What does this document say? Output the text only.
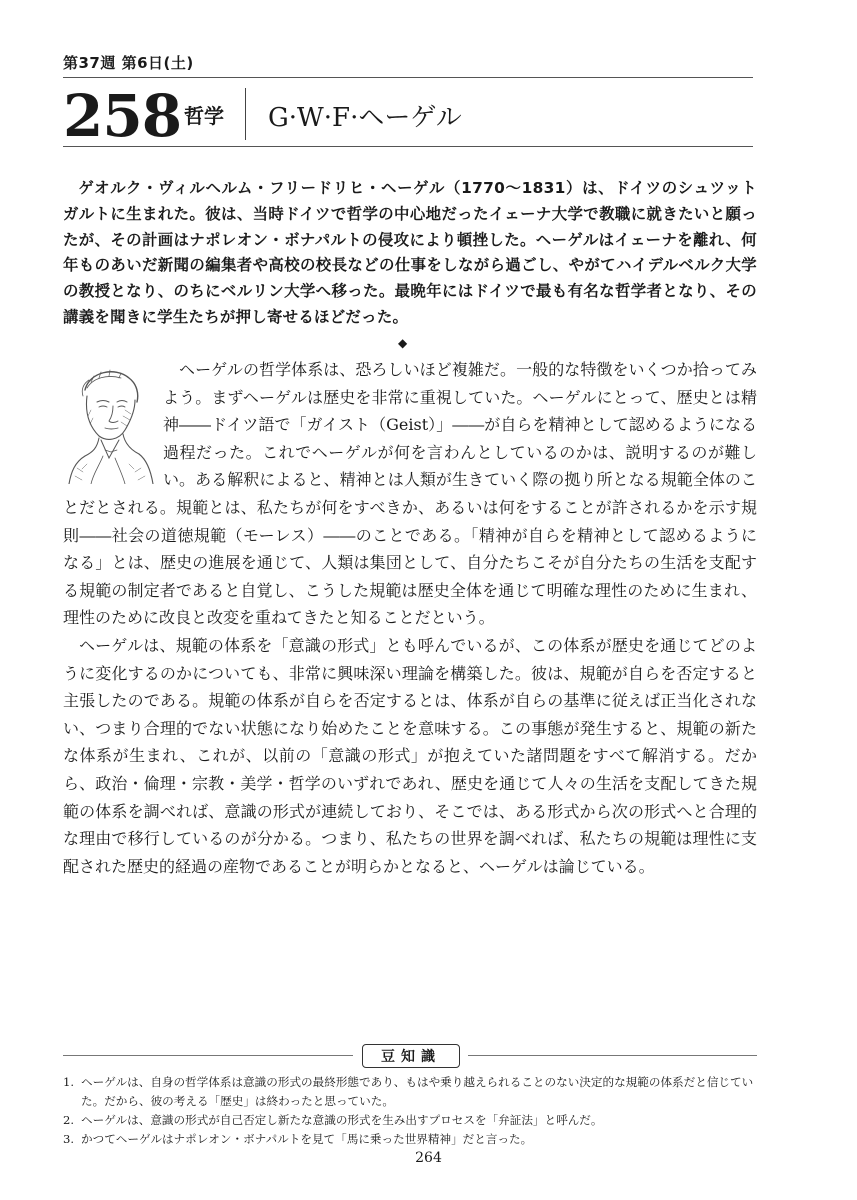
第37週 第6日(土)
258 哲学 G·W·F·ヘーゲル

ゲオルク・ヴィルヘルム・フリードリヒ・ヘーゲル（1770〜1831）は、ドイツのシュツットガルトに生まれた。彼は、当時ドイツで哲学の中心地だったイェーナ大学で教職に就きたいと願ったが、その計画はナポレオン・ボナパルトの侵攻により頓挫した。ヘーゲルはイェーナを離れ、何年ものあいだ新聞の編集者や高校の校長などの仕事をしながら過ごし、やがてハイデルベルク大学の教授となり、のちにベルリン大学へ移った。最晩年にはドイツで最も有名な哲学者となり、その講義を聞きに学生たちが押し寄せるほどだった。

◆

ヘーゲルの哲学体系は、恐ろしいほど複雑だ。一般的な特徴をいくつか拾ってみよう。まずヘーゲルは歴史を非常に重視していた。ヘーゲルにとって、歴史とは精神――ドイツ語で「ガイスト（Geist）」――が自らを精神として認めるようになる過程だった。これでヘーゲルが何を言わんとしているのかは、説明するのが難しい。ある解釈によると、精神とは人類が生きていく際の拠り所となる規範全体のことだとされる。規範とは、私たちが何をすべきか、あるいは何をすることが許されるかを示す規則――社会の道徳規範（モーレス）――のことである。「精神が自らを精神として認めるようになる」とは、歴史の進展を通じて、人類は集団として、自分たちこそが自分たちの生活を支配する規範の制定者であると自覚し、こうした規範は歴史全体を通じて明確な理性のために生まれ、理性のために改良と改変を重ねてきたと知ることだという。

ヘーゲルは、規範の体系を「意識の形式」とも呼んでいるが、この体系が歴史を通じてどのように変化するのかについても、非常に興味深い理論を構築した。彼は、規範が自らを否定すると主張したのである。規範の体系が自らを否定するとは、体系が自らの基準に従えば正当化されない、つまり合理的でない状態になり始めたことを意味する。この事態が発生すると、規範の新たな体系が生まれ、これが、以前の「意識の形式」が抱えていた諸問題をすべて解消する。だから、政治・倫理・宗教・美学・哲学のいずれであれ、歴史を通じて人々の生活を支配してきた規範の体系を調べれば、意識の形式が連続しており、そこでは、ある形式から次の形式へと合理的な理由で移行しているのが分かる。つまり、私たちの世界を調べれば、私たちの規範は理性に支配された歴史的経過の産物であることが明らかとなると、ヘーゲルは論じている。

豆知識
1. ヘーゲルは、自身の哲学体系は意識の形式の最終形態であり、もはや乗り越えられることのない決定的な規範の体系だと信じていた。だから、彼の考える「歴史」は終わったと思っていた。
2. ヘーゲルは、意識の形式が自己否定し新たな意識の形式を生み出すプロセスを「弁証法」と呼んだ。
3. かつてヘーゲルはナポレオン・ボナパルトを見て「馬に乗った世界精神」だと言った。
264
